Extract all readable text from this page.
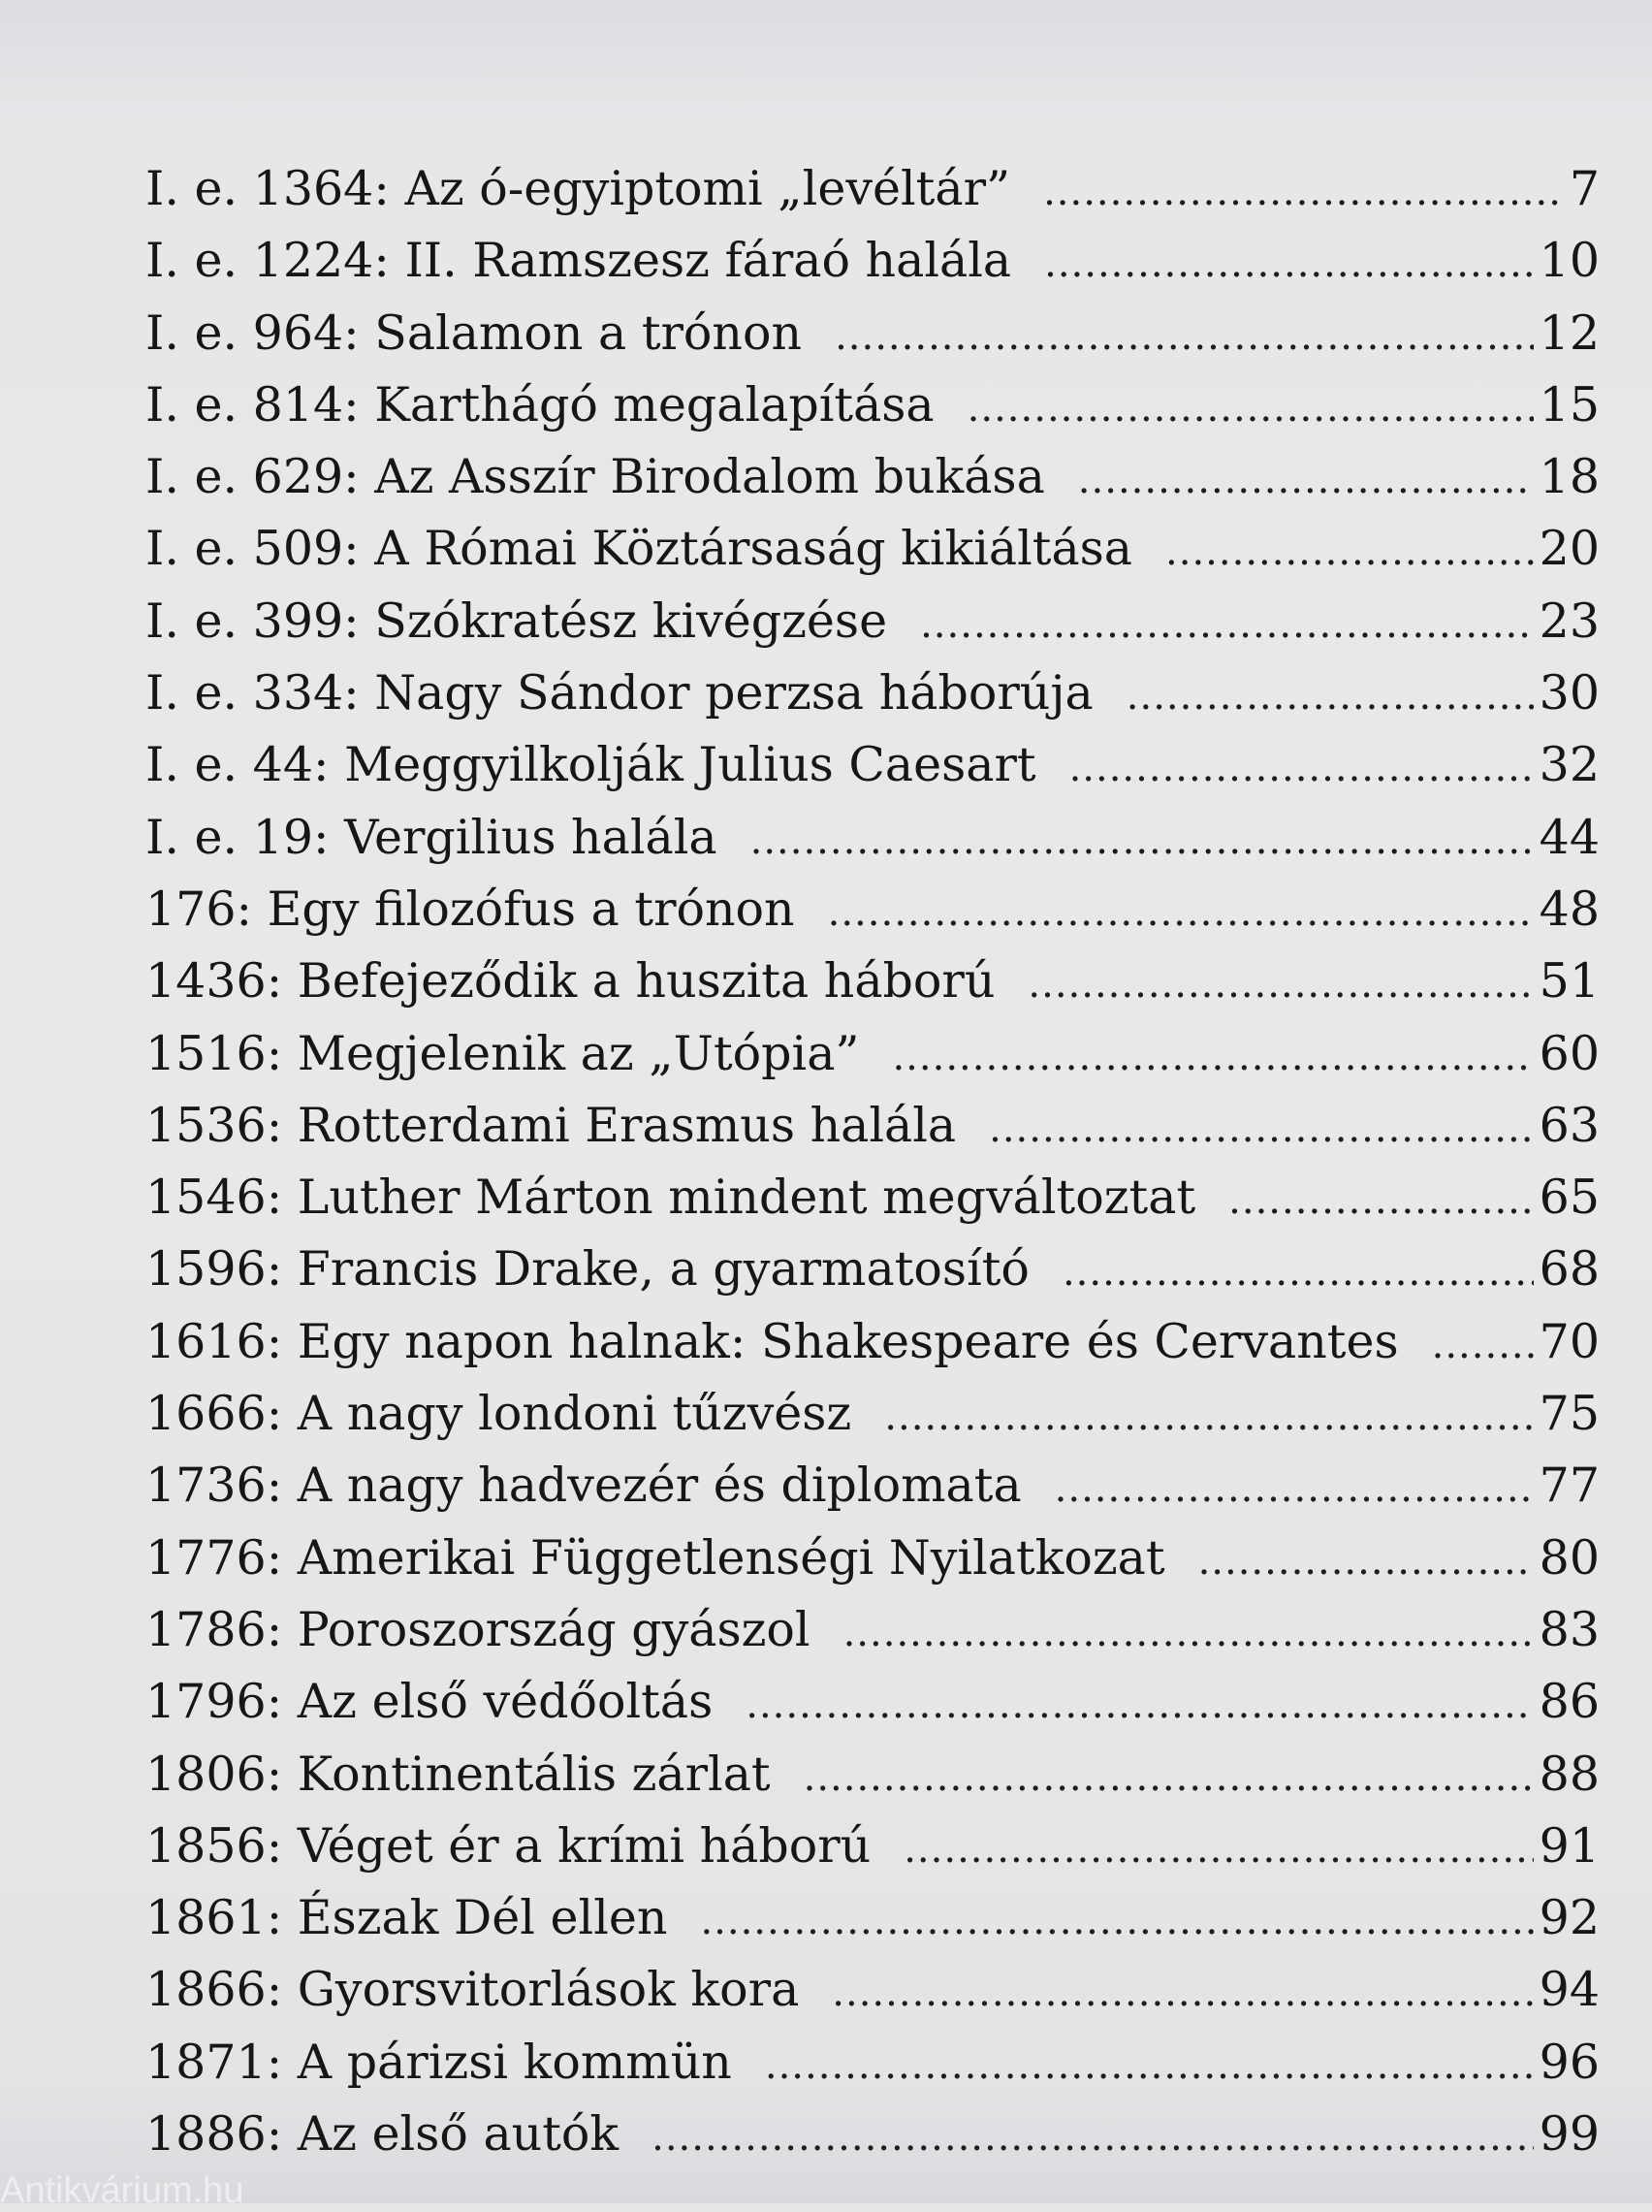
I. e. 1364: Az ó-egyiptomi „levéltár” .....	7
I. e. 1224: II. Ramszesz fáraó halála .....	10
I. e. 964: Salamon a trónon .....	12
I. e. 814: Karthágó megalapítása .....	15
I. e. 629: Az Asszír Birodalom bukása .....	18
I. e. 509: A Római Köztársaság kikiáltása .....	20
I. e. 399: Szókratész kivégzése .....	23
I. e. 334: Nagy Sándor perzsa háborúja .....	30
I. e. 44: Meggyilkolják Julius Caesart .....	32
I. e. 19: Vergilius halála .....	44
176: Egy filozófus a trónon .....	48
1436: Befejeződik a huszita háború .....	51
1516: Megjelenik az „Utópia” .....	60
1536: Rotterdami Erasmus halála .....	63
1546: Luther Márton mindent megváltoztat .....	65
1596: Francis Drake, a gyarmatosító .....	68
1616: Egy napon halnak: Shakespeare és Cervantes .....	70
1666: A nagy londoni tűzvész .....	75
1736: A nagy hadvezér és diplomata .....	77
1776: Amerikai Függetlenségi Nyilatkozat .....	80
1786: Poroszország gyászol .....	83
1796: Az első védőoltás .....	86
1806: Kontinentális zárlat .....	88
1856: Véget ér a krími háború .....	91
1861: Észak Dél ellen .....	92
1866: Gyorsvitorlások kora .....	94
1871: A párizsi kommün .....	96
1886: Az első autók .....	99
Antikvárium.hu
